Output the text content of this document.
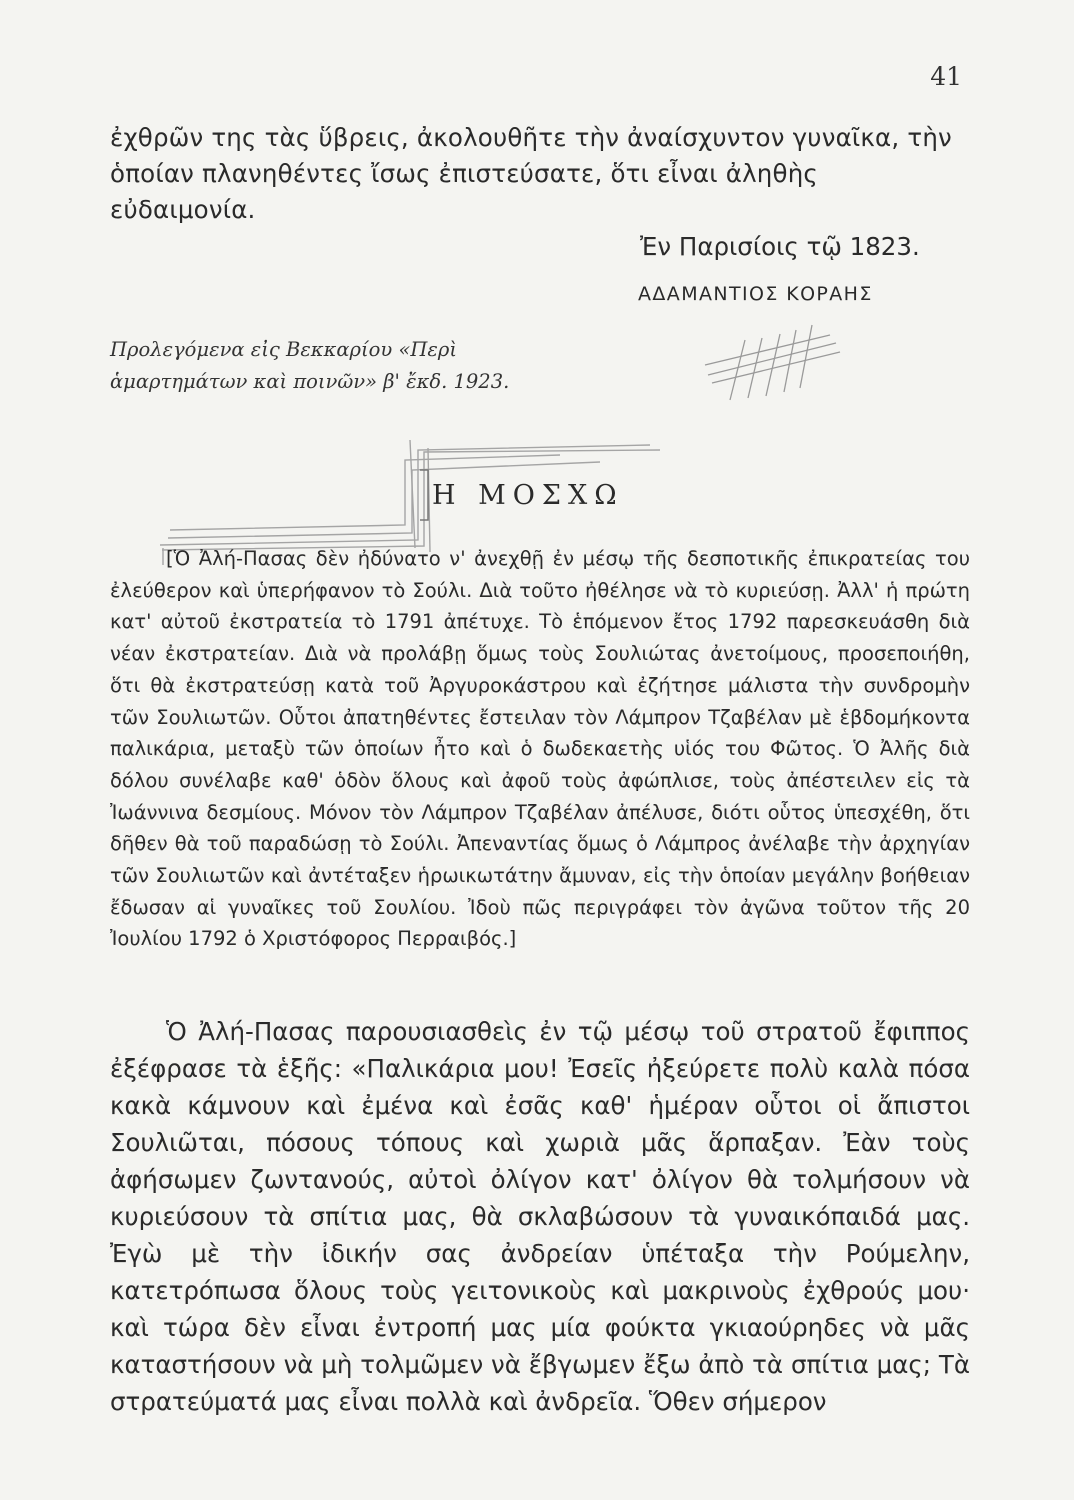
41

ἐχθρῶν της τὰς ὕβρεις, ἀκολουθῆτε τὴν ἀναίσχυντον γυναῖκα, τὴν ὁποίαν πλανηθέντες ἴσως ἐπιστεύσατε, ὅτι εἶναι ἀληθὴς εὐδαιμονία.

Ἐν Παρισίοις τῷ 1823.
ΑΔΑΜΑΝΤΙΟΣ ΚΟΡΑΗΣ
Προλεγόμενα εἰς Βεκκαρίου «Περὶ
ἁμαρτημάτων καὶ ποινῶν» β' ἔκδ. 1923.
Η ΜΟΣΧΩ

[Ὁ Ἀλή-Πασας δὲν ἠδύνατο ν' ἀνεχθῇ ἐν μέσῳ τῆς δεσποτικῆς ἐπικρατείας του ἐλεύθερον καὶ ὑπερήφανον τὸ Σούλι. Διὰ τοῦτο ἠθέλησε νὰ τὸ κυριεύσῃ. Ἀλλ' ἡ πρώτη κατ' αὐτοῦ ἐκστρατεία τὸ 1791 ἀπέτυχε. Τὸ ἑπόμενον ἔτος 1792 παρεσκευάσθη διὰ νέαν ἐκστρατείαν. Διὰ νὰ προλάβῃ ὅμως τοὺς Σουλιώτας ἀνετοίμους, προσεποιήθη, ὅτι θὰ ἐκστρατεύσῃ κατὰ τοῦ Ἀργυροκάστρου καὶ ἐζήτησε μάλιστα τὴν συνδρομὴν τῶν Σουλιωτῶν. Οὗτοι ἀπατηθέντες ἔστειλαν τὸν Λάμπρον Τζαβέλαν μὲ ἑβδομήκοντα παλικάρια, μεταξὺ τῶν ὁποίων ἦτο καὶ ὁ δωδεκαετὴς υἱός του Φῶτος. Ὁ Ἀλῆς διὰ δόλου συνέλαβε καθ' ὁδὸν ὅλους καὶ ἀφοῦ τοὺς ἀφώπλισε, τοὺς ἀπέστειλεν εἰς τὰ Ἰωάννινα δεσμίους. Μόνον τὸν Λάμπρον Τζαβέλαν ἀπέλυσε, διότι οὗτος ὑπεσχέθη, ὅτι δῆθεν θὰ τοῦ παραδώσῃ τὸ Σούλι. Ἀπεναντίας ὅμως ὁ Λάμπρος ἀνέλαβε τὴν ἀρχηγίαν τῶν Σουλιωτῶν καὶ ἀντέταξεν ἡρωικωτάτην ἄμυναν, εἰς τὴν ὁποίαν μεγάλην βοήθειαν ἔδωσαν αἱ γυναῖκες τοῦ Σουλίου. Ἰδοὺ πῶς περιγράφει τὸν ἀγῶνα τοῦτον τῆς 20 Ἰουλίου 1792 ὁ Χριστόφορος Περραιβός.]

Ὁ Ἀλή-Πασας παρουσιασθεὶς ἐν τῷ μέσῳ τοῦ στρατοῦ ἔφιππος ἐξέφρασε τὰ ἑξῆς: «Παλικάρια μου! Ἐσεῖς ἠξεύρετε πολὺ καλὰ πόσα κακὰ κάμνουν καὶ ἐμένα καὶ ἐσᾶς καθ' ἡμέραν οὗτοι οἱ ἄπιστοι Σουλιῶται, πόσους τόπους καὶ χωριὰ μᾶς ἅρπαξαν. Ἐὰν τοὺς ἀφήσωμεν ζωντανούς, αὐτοὶ ὀλίγον κατ' ὀλίγον θὰ τολμήσουν νὰ κυριεύσουν τὰ σπίτια μας, θὰ σκλαβώσουν τὰ γυναικόπαιδά μας. Ἐγὼ μὲ τὴν ἰδικήν σας ἀνδρείαν ὑπέταξα τὴν Ρούμελην, κατετρόπωσα ὅλους τοὺς γειτονικοὺς καὶ μακρινοὺς ἐχθρούς μου· καὶ τώρα δὲν εἶναι ἐντροπή μας μία φούκτα γκιαούρηδες νὰ μᾶς καταστήσουν νὰ μὴ τολμῶμεν νὰ ἔβγωμεν ἔξω ἀπὸ τὰ σπίτια μας; Τὰ στρατεύματά μας εἶναι πολλὰ καὶ ἀνδρεῖα. Ὅθεν σήμερον
